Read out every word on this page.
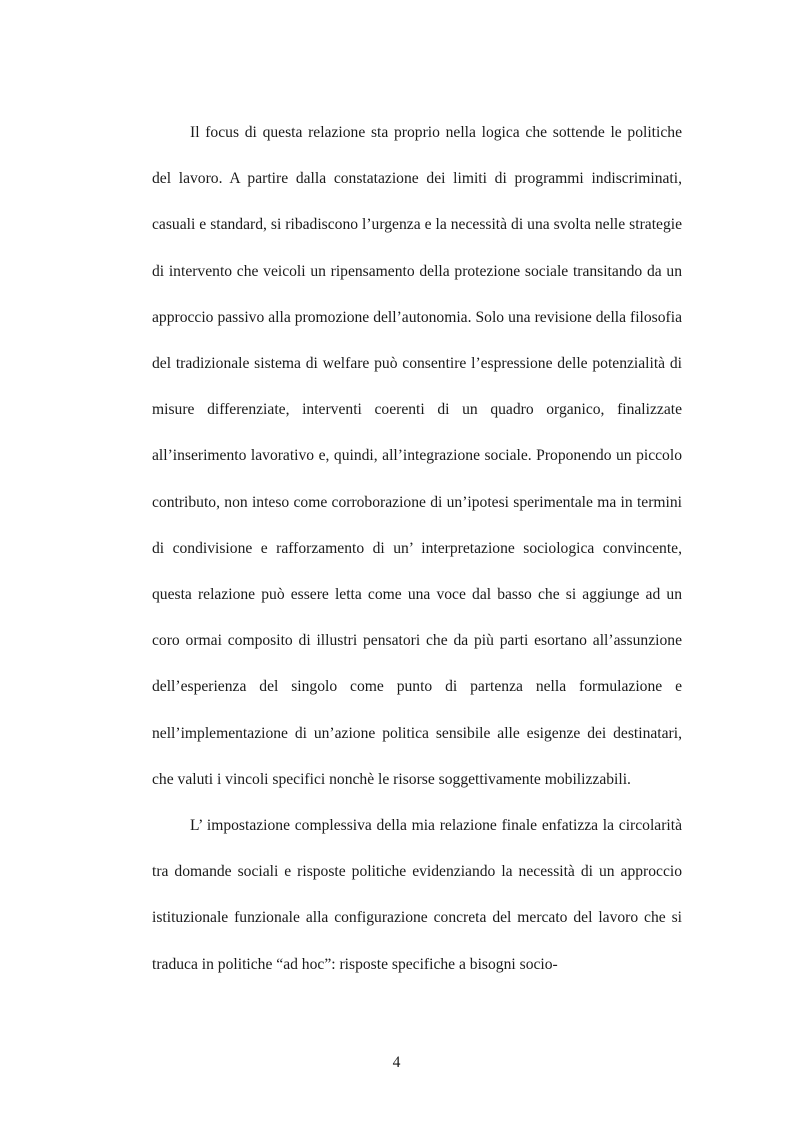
Il focus di questa relazione sta proprio nella logica che sottende le politiche del lavoro. A partire dalla constatazione dei limiti di programmi indiscriminati, casuali e standard, si ribadiscono l’urgenza e la necessità di una svolta nelle strategie di intervento che veicoli un ripensamento della protezione sociale transitando da un approccio passivo alla promozione dell’autonomia. Solo una revisione della filosofia del tradizionale sistema di welfare può consentire l’espressione delle potenzialità di misure differenziate, interventi coerenti di un quadro organico, finalizzate all’inserimento lavorativo e, quindi, all’integrazione sociale. Proponendo un piccolo contributo, non inteso come corroborazione di un’ipotesi sperimentale ma in termini di condivisione e rafforzamento di un’ interpretazione sociologica convincente, questa relazione può essere letta come una voce dal basso che si aggiunge ad un coro ormai composito di illustri pensatori che da più parti esortano all’assunzione dell’esperienza del singolo come punto di partenza nella formulazione e nell’implementazione di un’azione politica sensibile alle esigenze dei destinatari, che valuti i vincoli specifici nonchè le risorse soggettivamente mobilizzabili.

L’ impostazione complessiva della mia relazione finale enfatizza la circolarità tra domande sociali e risposte politiche evidenziando la necessità di un approccio istituzionale funzionale alla configurazione concreta del mercato del lavoro che si traduca in politiche “ad hoc”: risposte specifiche a bisogni socio-

4
